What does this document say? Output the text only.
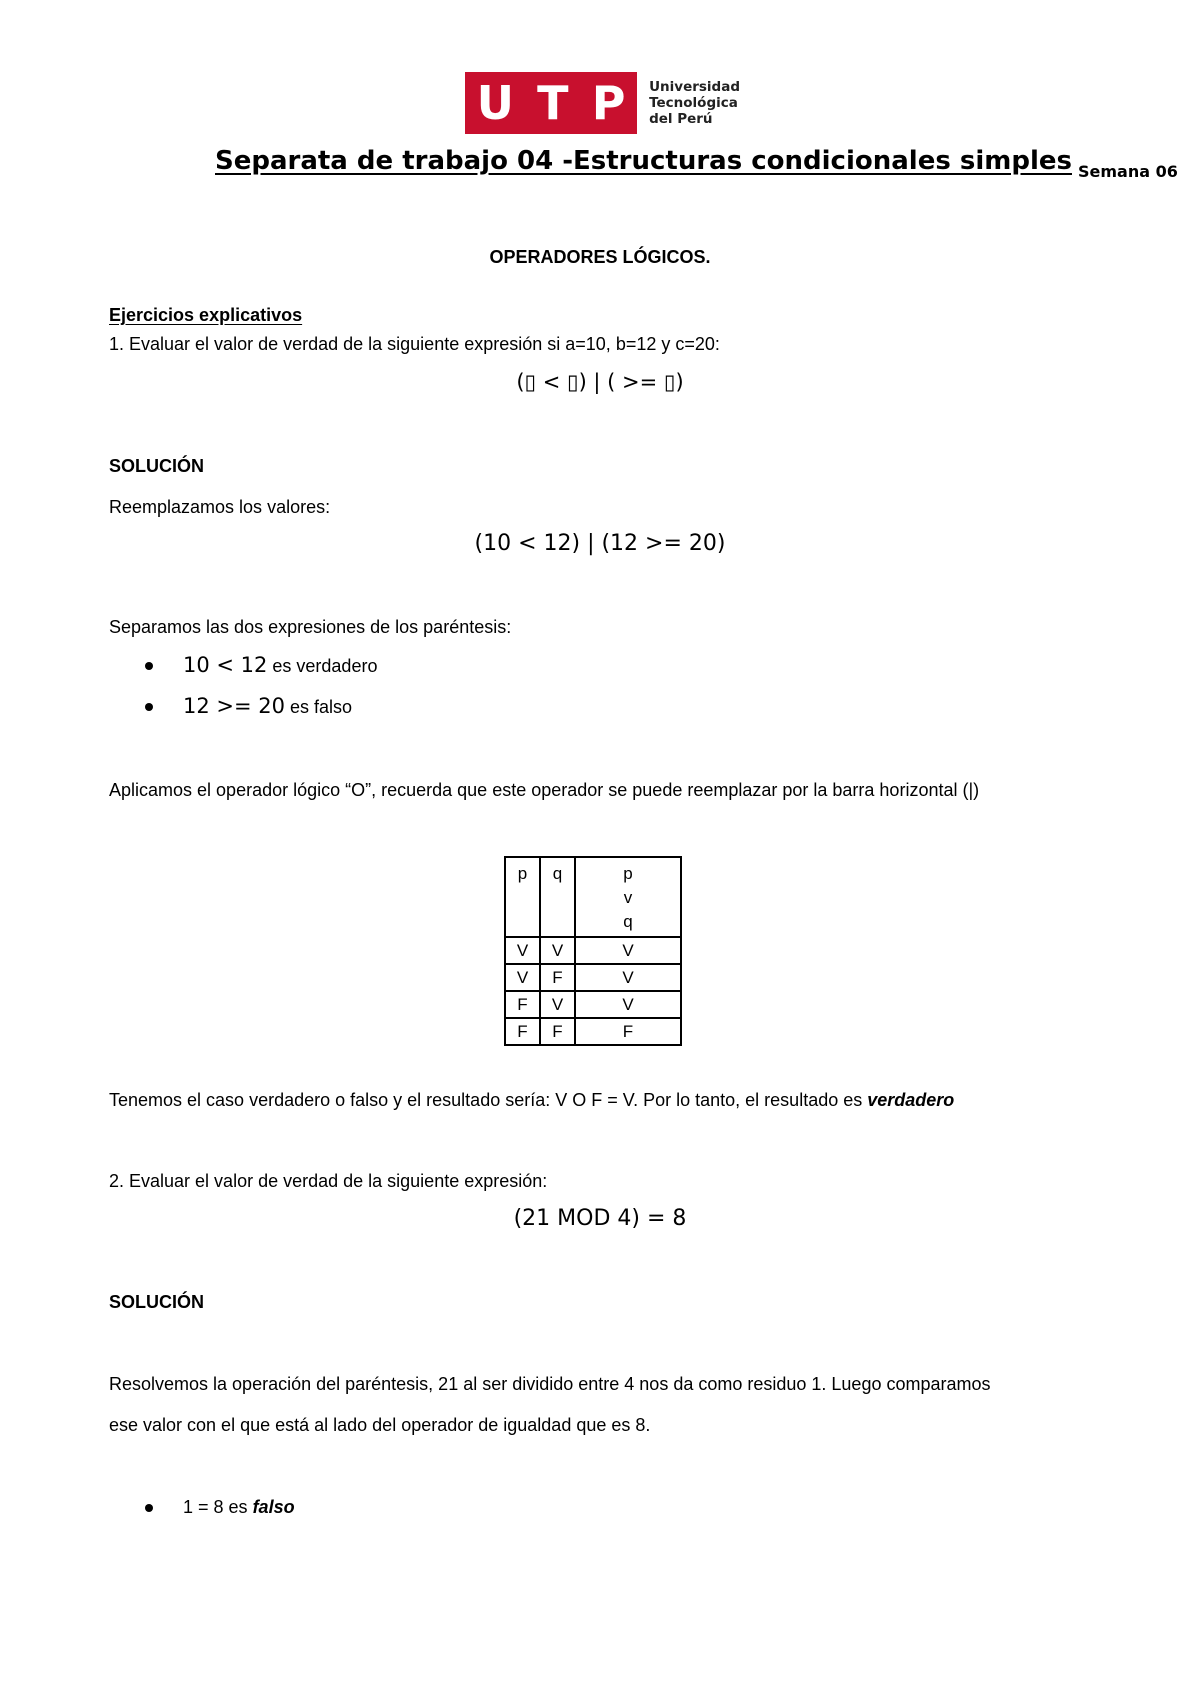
U T P Universidad
Tecnológica
del Perú
Separata de trabajo 04 -Estructuras condicionales simples Semana 06
OPERADORES LÓGICOS.
Ejercicios explicativos
1. Evaluar el valor de verdad de la siguiente expresión si a=10, b=12 y c=20:
(▯ < ▯) | ( >= ▯)
SOLUCIÓN
Reemplazamos los valores:
(10 < 12) | (12 >= 20)
Separamos las dos expresiones de los paréntesis:
10 < 12 es verdadero
12 >= 20 es falso
Aplicamos el operador lógico “O”, recuerda que este operador se puede reemplazar por la barra horizontal (|)
p	q	p
v
q

V	V	V
V	F	V
F	V	V
F	F	F
Tenemos el caso verdadero o falso y el resultado sería: V O F = V. Por lo tanto, el resultado es verdadero
2. Evaluar el valor de verdad de la siguiente expresión:
(21 MOD 4) = 8
SOLUCIÓN
Resolvemos la operación del paréntesis, 21 al ser dividido entre 4 nos da como residuo 1. Luego comparamos
ese valor con el que está al lado del operador de igualdad que es 8.
1 = 8 es falso
